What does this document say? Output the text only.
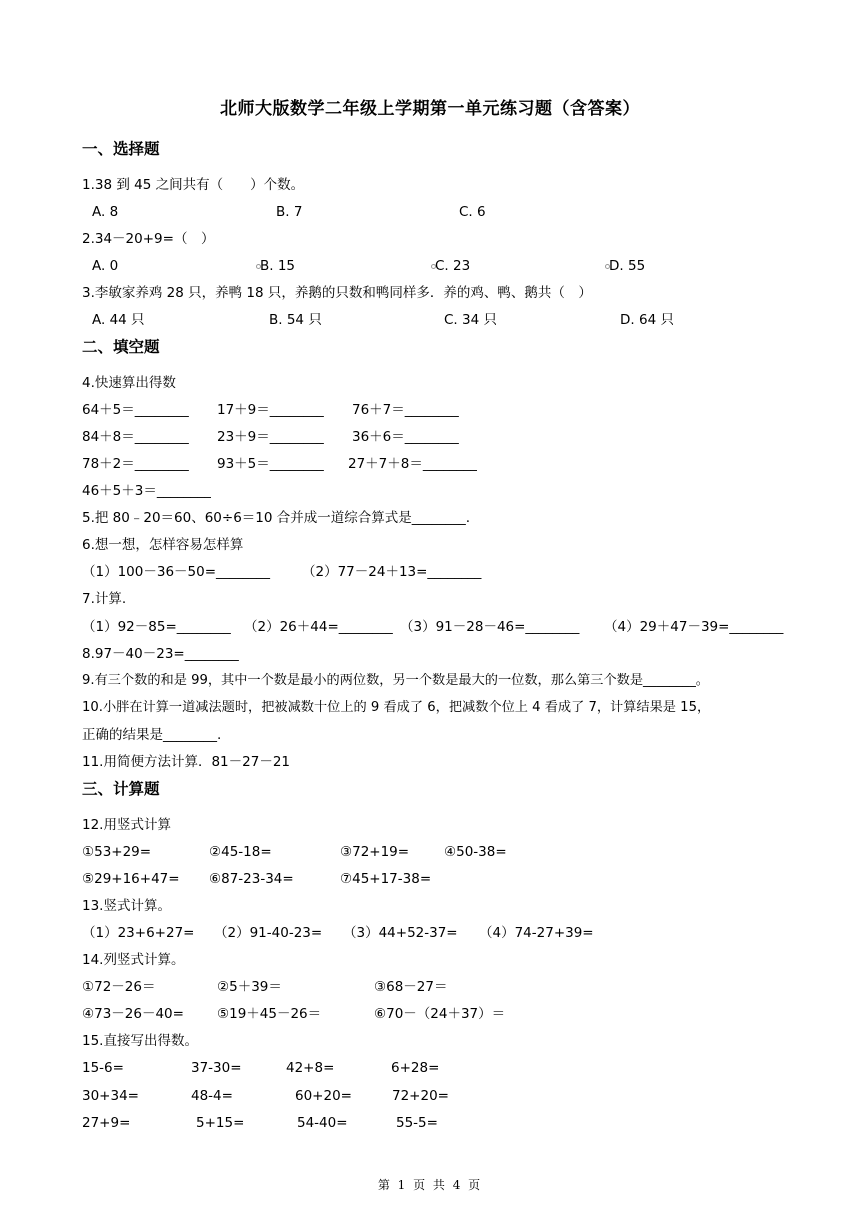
北师大版数学二年级上学期第一单元练习题（含答案）
一、选择题
1.38 到 45 之间共有（　　）个数。
A. 8	B. 7	C. 6
2.34－20+9=（　）
A. 0	B. 15	C. 23	D. 55
3.李敏家养鸡 28 只，养鸭 18 只，养鹅的只数和鸭同样多．养的鸡、鸭、鹅共（　）
A. 44 只	B. 54 只	C. 34 只	D. 64 只
二、填空题
4.快速算出得数
64＋5＝________ 17＋9＝________ 76＋7＝________
84＋8＝________ 23＋9＝________ 36＋6＝________
78＋2＝________ 93＋5＝________ 27＋7＋8＝________
46＋5＋3＝________
5.把 80﹣20＝60、60÷6＝10 合并成一道综合算式是________.
6.想一想，怎样容易怎样算
（1）100－36－50=________ （2）77－24＋13=________
7.计算.
（1）92－85=________ （2）26＋44=________ （3）91－28－46=________ （4）29＋47－39=________
8.97－40－23=________
9.有三个数的和是 99，其中一个数是最小的两位数，另一个数是最大的一位数，那么第三个数是________。
10.小胖在计算一道减法题时，把被减数十位上的 9 看成了 6，把减数个位上 4 看成了 7，计算结果是 15，
正确的结果是________.
11.用简便方法计算．81－27－21
三、计算题
12.用竖式计算
①53+29=	②45-18=	③72+19=	④50-38=
⑤29+16+47= ⑥87-23-34=	⑦45+17-38=
13.竖式计算。
（1）23+6+27= （2）91-40-23= （3）44+52-37= （4）74-27+39=
14.列竖式计算。
①72－26＝	②5＋39＝	③68－27＝
④73－26－40= ⑤19＋45－26＝	⑥70－（24＋37）＝
15.直接写出得数。
15-6=	37-30=	42+8=	6+28=
30+34=	48-4=	60+20=	72+20=
27+9=	5+15=	54-40=	55-5=
第 1 页 共 4 页
